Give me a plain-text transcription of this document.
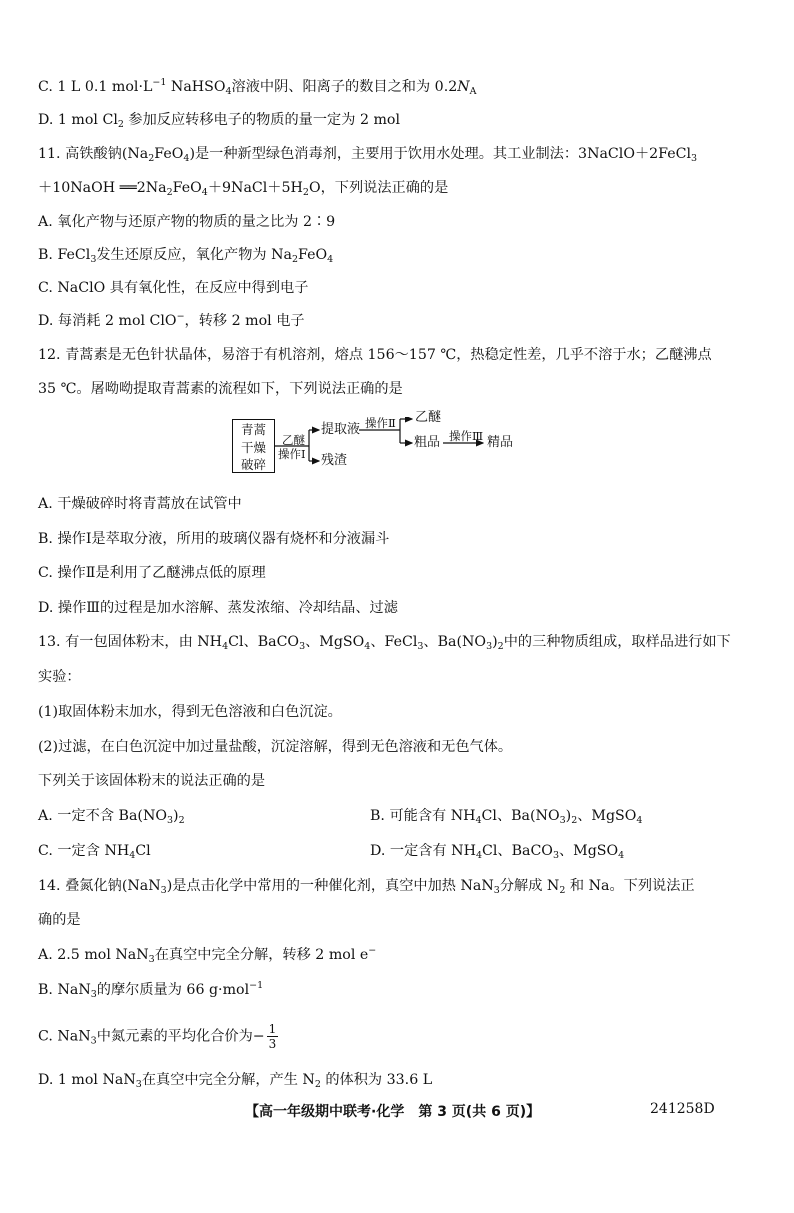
C. 1 L 0.1 $mol\cdot L^{-1}$ NaHSO$_4$溶液中阴、阳离子的数目之和为 $0.2N_A$
D. 1 mol $Cl_2$ 参加反应转移电子的物质的量一定为 2 mol
11. 高铁酸钠$(Na_2FeO_4)$是一种新型绿色消毒剂，主要用于饮用水处理。其工业制法：3NaClO＋2FeCl$_3$
＋10NaOH $══2Na_2FeO_4+9NaCl+5H_2O$，下列说法正确的是
A. 氧化产物与还原产物的物质的量之比为 2∶9
B. FeCl$_3$发生还原反应，氧化产物为 $Na_2FeO_4$
C. NaClO 具有氧化性，在反应中得到电子
D. 每消耗 2 mol ClO−，转移 2 mol 电子
12. 青蒿素是无色针状晶体，易溶于有机溶剂，熔点 156～157 ℃，热稳定性差，几乎不溶于水；乙醚沸点
35 ℃。屠呦呦提取青蒿素的流程如下，下列说法正确的是
青蒿
干燥
破碎
乙醚
操作Ⅰ
提取液
残渣
操作Ⅱ 乙醚
粗品 操作Ⅲ 精品
A. 干燥破碎时将青蒿放在试管中
B. 操作Ⅰ是萃取分液，所用的玻璃仪器有烧杯和分液漏斗
C. 操作Ⅱ是利用了乙醚沸点低的原理
D. 操作Ⅲ的过程是加水溶解、蒸发浓缩、冷却结晶、过滤
13. 有一包固体粉末，由 $NH_4Cl$、BaCO$_3$、MgSO$_4$、FeCl$_3$、$Ba(NO_3)_2$中的三种物质组成，取样品进行如下
实验：
(1)取固体粉末加水，得到无色溶液和白色沉淀。
(2)过滤，在白色沉淀中加过量盐酸，沉淀溶解，得到无色溶液和无色气体。
下列关于该固体粉末的说法正确的是
A. 一定不含 $Ba(NO_3)_2$	B. 可能含有 $NH_4Cl$、$Ba(NO_3)_2$、MgSO$_4$
C. 一定含 $NH_4Cl$	D. 一定含有 $NH_4Cl$、BaCO$_3$、MgSO$_4$
14. 叠氮化钠(NaN$_3$)是点击化学中常用的一种催化剂，真空中加热 NaN$_3$分解成 $N_2$ 和 Na。下列说法正
确的是
A. 2.5 mol NaN$_3$在真空中完全分解，转移 2 mol e−
B. NaN$_3$的摩尔质量为 66 g·mol$^{-1}$
C. NaN$_3$中氮元素的平均化合价为− $\frac{1}{3}$
D. 1 mol NaN$_3$在真空中完全分解，产生 $N_2$ 的体积为 33.6 L
【高一年级期中联考·化学　第 3 页(共 6 页)】	241258D
